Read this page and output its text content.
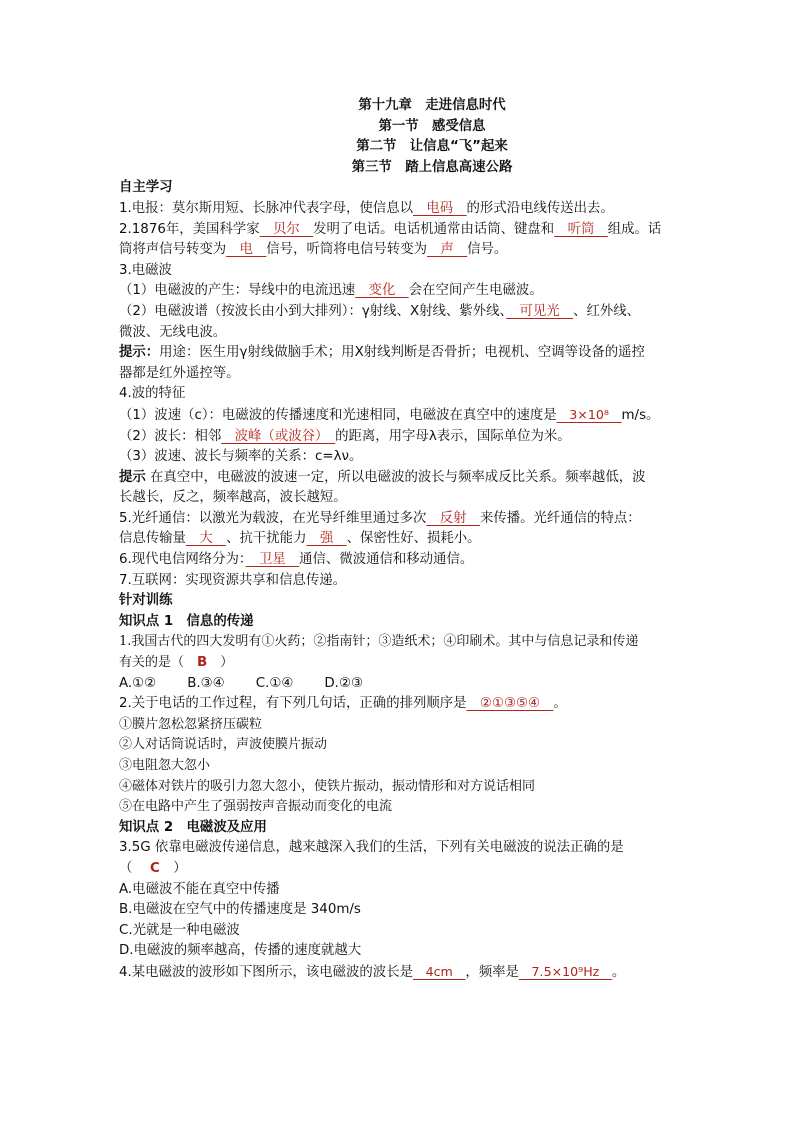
第十九章　走进信息时代
第一节　感受信息
第二节　让信息“飞”起来
第三节　踏上信息高速公路
自主学习
1.电报：莫尔斯用短、长脉冲代表字母，使信息以　电码　的形式沿电线传送出去。
2.1876年，美国科学家　贝尔　发明了电话。电话机通常由话筒、键盘和　听筒　组成。话
筒将声信号转变为　电　信号，听筒将电信号转变为　声　信号。
3.电磁波
（1）电磁波的产生：导线中的电流迅速　变化　会在空间产生电磁波。
（2）电磁波谱（按波长由小到大排列）：γ射线、X射线、紫外线、　可见光　、红外线、
微波、无线电波。
提示：用途：医生用γ射线做脑手术；用X射线判断是否骨折；电视机、空调等设备的遥控
器都是红外遥控等。
4.波的特征
（1）波速（c）：电磁波的传播速度和光速相同，电磁波在真空中的速度是　3×10⁸　m/s。
（2）波长：相邻　波峰（或波谷）　的距离，用字母λ表示，国际单位为米。
（3）波速、波长与频率的关系：c=λν。
提示 在真空中，电磁波的波速一定，所以电磁波的波长与频率成反比关系。频率越低，波
长越长，反之，频率越高，波长越短。
5.光纤通信：以激光为载波，在光导纤维里通过多次　反射　来传播。光纤通信的特点：
信息传输量　大　、抗干扰能力　强　、保密性好、损耗小。
6.现代电信网络分为：　卫星　通信、微波通信和移动通信。
7.互联网：实现资源共享和信息传递。
针对训练
知识点 1　信息的传递
1.我国古代的四大发明有①火药；②指南针；③造纸术；④印刷术。其中与信息记录和传递
有关的是（　B　）
A.①②　　 B.③④　　 C.①④　　 D.②③
2.关于电话的工作过程，有下列几句话，正确的排列顺序是　②①③⑤④　。
①膜片忽松忽紧挤压碳粒
②人对话筒说话时，声波使膜片振动
③电阻忽大忽小
④磁体对铁片的吸引力忽大忽小，使铁片振动，振动情形和对方说话相同
⑤在电路中产生了强弱按声音振动而变化的电流
知识点 2　电磁波及应用
3.5G 依靠电磁波传递信息，越来越深入我们的生活，下列有关电磁波的说法正确的是
（　 C　）
A.电磁波不能在真空中传播
B.电磁波在空气中的传播速度是 340m/s
C.光就是一种电磁波
D.电磁波的频率越高，传播的速度就越大
4.某电磁波的波形如下图所示，该电磁波的波长是　4cm　，频率是　7.5×10⁹Hz　。
